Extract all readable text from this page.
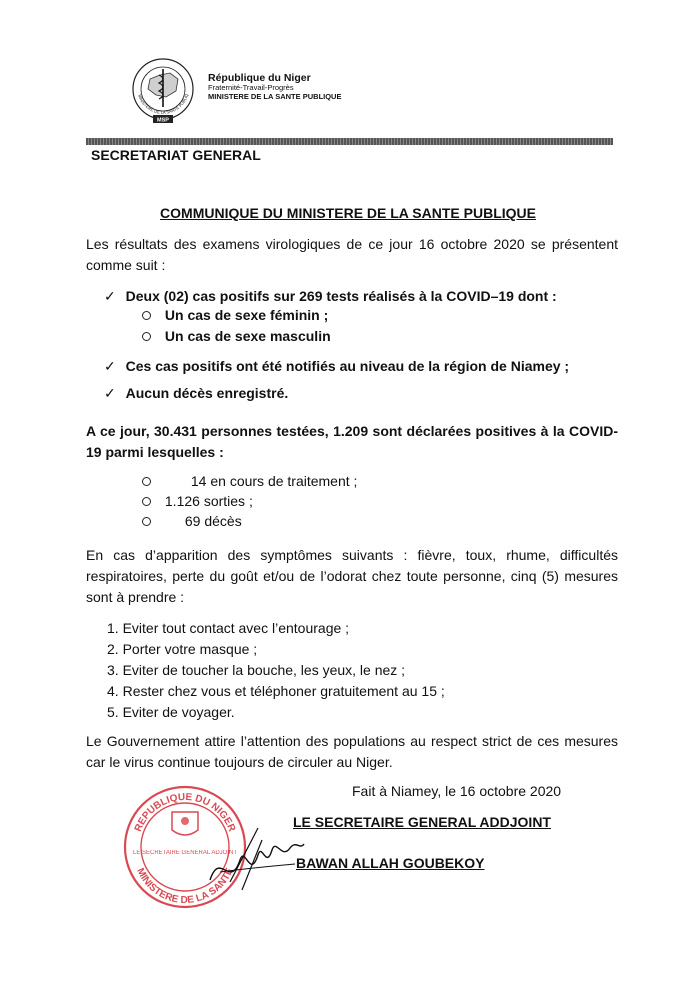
MINISTERE DE LA SANTE PUBLIQ
MSP
République du Niger
Fraternité-Travail-Progrès
MINISTERE DE LA SANTE PUBLIQUE
SECRETARIAT GENERAL
COMMUNIQUE DU MINISTERE DE LA SANTE PUBLIQUE
Les résultats des examens virologiques de ce jour 16 octobre 2020 se présentent comme suit :
✓ Deux (02) cas positifs sur 269 tests réalisés à la COVID–19 dont :
Un cas de sexe féminin ;
Un cas de sexe masculin
✓ Ces cas positifs ont été notifiés au niveau de la région de Niamey ;
✓ Aucun décès enregistré.
A ce jour, 30.431 personnes testées, 1.209 sont déclarées positives à la COVID- 19 parmi lesquelles :
14 en cours de traitement ;
1.126 sorties ;
69 décès
En cas d’apparition des symptômes suivants : fièvre, toux, rhume, difficultés respiratoires, perte du goût et/ou de l’odorat chez toute personne, cinq (5) mesures sont à prendre :
1. Eviter tout contact avec l’entourage ;
2. Porter votre masque ;
3. Eviter de toucher la bouche, les yeux, le nez ;
4. Rester chez vous et téléphoner gratuitement au 15 ;
5. Eviter de voyager.
Le Gouvernement attire l’attention des populations au respect strict de ces mesures car le virus continue toujours de circuler au Niger.
Fait à Niamey, le 16 octobre 2020
LE SECRETAIRE GENERAL ADDJOINT
BAWAN ALLAH GOUBEKOY
REPUBLIQUE DU NIGER
MINISTERE DE LA SANTE
LE SECRETAIRE GENERAL ADJOINT
